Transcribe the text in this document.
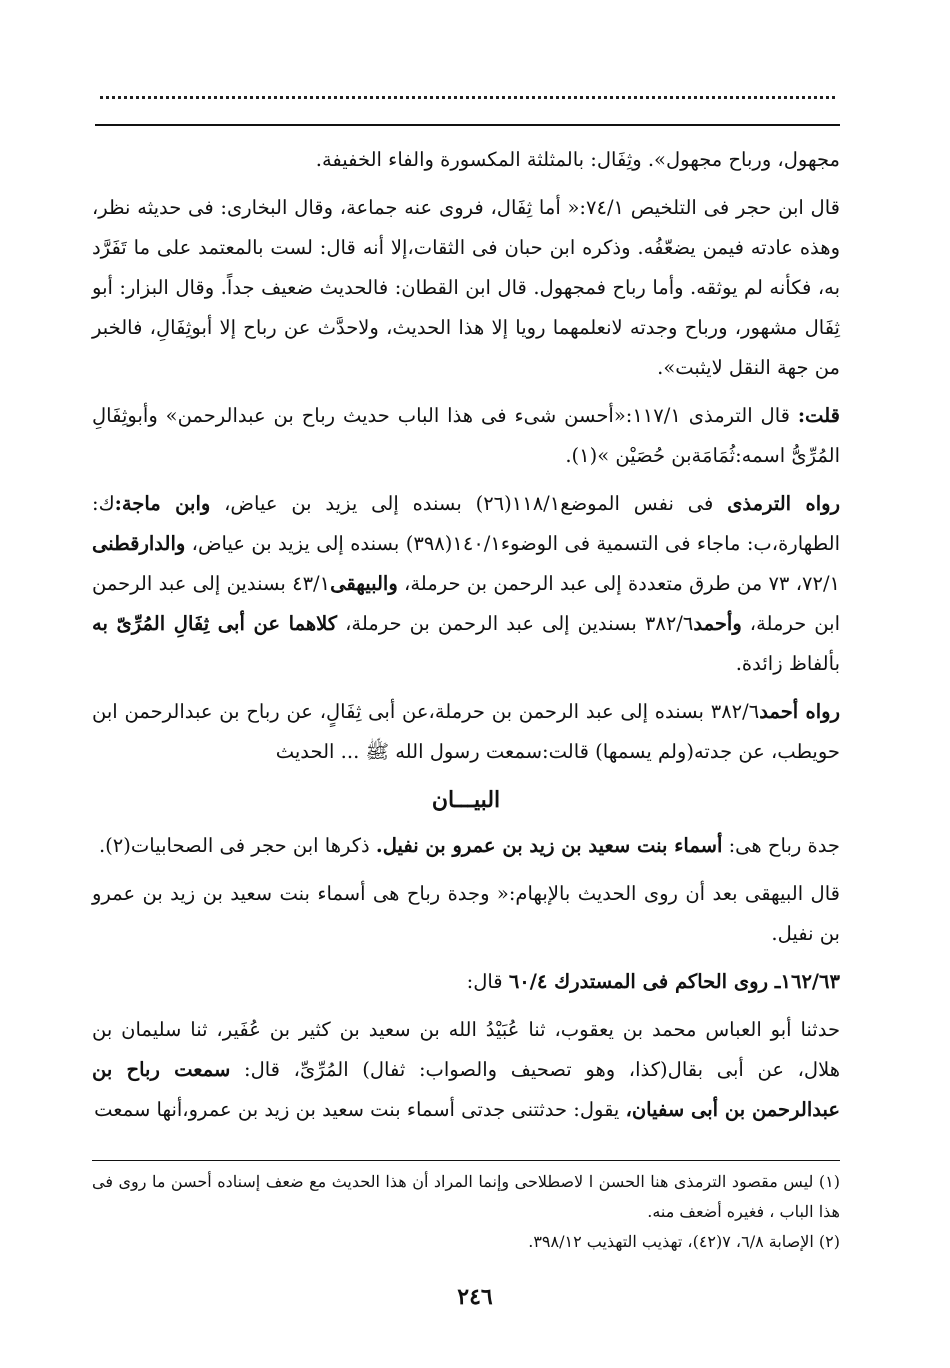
مجهول، ورباح مجهول». وثِفَال: بالمثلثة المكسورة والفاء الخفيفة.

قال ابن حجر فى التلخيص ٧٤/١:« أما ثِفَال، فروى عنه جماعة، وقال البخارى: فى حديثه نظر، وهذه عادته فيمن يضعّفُه. وذكره ابن حبان فى الثقات،إلا أنه قال: لست بالمعتمد على ما تَفَرَّد به، فكأنه لم يوثقه. وأما رباح فمجهول. قال ابن القطان: فالحديث ضعيف جداً. وقال البزار: أبو ثِفَال مشهور، ورباح وجدته لانعلمهما رويا إلا هذا الحديث، ولاحدَّث عن رباح إلا أبوثِفَالِ، فالخبر من جهة النقل لايثبت».

قلت: قال الترمذى ١١٧/١:«أحسن شىء فى هذا الباب حديث رباح بن عبدالرحمن» وأبوثِفَالِ المُرِّىُّ اسمه:ثُمَامَةبن حُصَيْن »(١).

رواه الترمذى فى نفس الموضع١١٨/١(٢٦) بسنده إلى يزيد بن عياض، وابن ماجة:ك: الطهارة،ب: ماجاء فى التسمية فى الوضوء١٤٠/١(٣٩٨) بسنده إلى يزيد بن عياض، والدارقطنى ٧٢/١، ٧٣ من طرق متعددة إلى عبد الرحمن بن حرملة، والبيهقى٤٣/١ بسندين إلى عبد الرحمن ابن حرملة، وأحمد٣٨٢/٦ بسندين إلى عبد الرحمن بن حرملة، كلاهما عن أبى ثِفَالِ المُرِّىّ به بألفاظ زائدة.

رواه أحمد٣٨٢/٦ بسنده إلى عبد الرحمن بن حرملة،عن أبى ثِفَالٍ، عن رباح بن عبدالرحمن ابن حويطب، عن جدته(ولم يسمها) قالت:سمعت رسول الله ﷺ ... الحديث

البيـــان

جدة رباح هى: أسماء بنت سعيد بن زيد بن عمرو بن نفيل. ذكرها ابن حجر فى الصحابيات(٢).

قال البيهقى بعد أن روى الحديث بالإبهام:« وجدة رباح هى أسماء بنت سعيد بن زيد بن عمرو بن نفيل.

١٦٢/٦٣ـ روى الحاكم فى المستدرك ٦٠/٤ قال:

حدثنا أبو العباس محمد بن يعقوب، ثنا عُبَيْدُ الله بن سعيد بن كثير بن عُفَير، ثنا سليمان بن هلال، عن أبى بقال(كذا، وهو تصحيف والصواب: ثفال) المُرِّىِّ، قال: سمعت رباح بن عبدالرحمن بن أبى سفيان، يقول: حدثتنى جدتى أسماء بنت سعيد بن زيد بن عمرو،أنها سمعت

(١) ليس مقصود الترمذى هنا الحسن ا لاصطلاحى وإنما المراد أن هذا الحديث مع ضعف إسناده أحسن ما روى فى هذا الباب ، فغيره أضعف منه.

(٢) الإصابة ٦/٨، ٧(٤٢)، تهذيب التهذيب ٣٩٨/١٢.

٢٤٦
